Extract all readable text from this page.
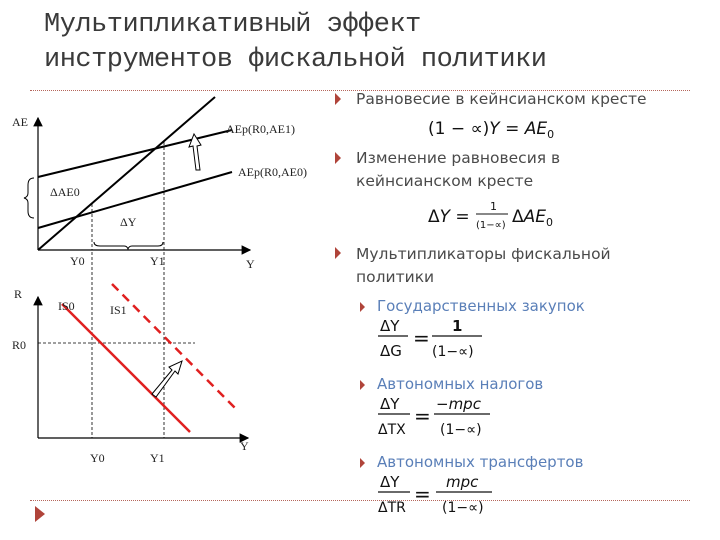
Мультипликативный эффект
инструментов фискальной политики
AE
Y
AEp(R0,AE1)
AEp(R0,AE0)
ΔAE0
ΔY
Y0	Y1
R
Y
R0
IS0	IS1
Y0	Y1
Равновесие в кейнсианском кресте
$(1 - \propto)Y = AE_0$
Изменение равновесия в
кейнсианском кресте
ΔY =
1
(1−∝) $\Delta AE_0$
Мультипликаторы фискальной
политики
Государственных закупок
ΔY
ΔG
= 1
(1−∝)
Автономных налогов
ΔY
ΔTX
= −mpc
(1−∝)
Автономных трансфертов
ΔY
ΔTR
= mpc
(1−∝)
